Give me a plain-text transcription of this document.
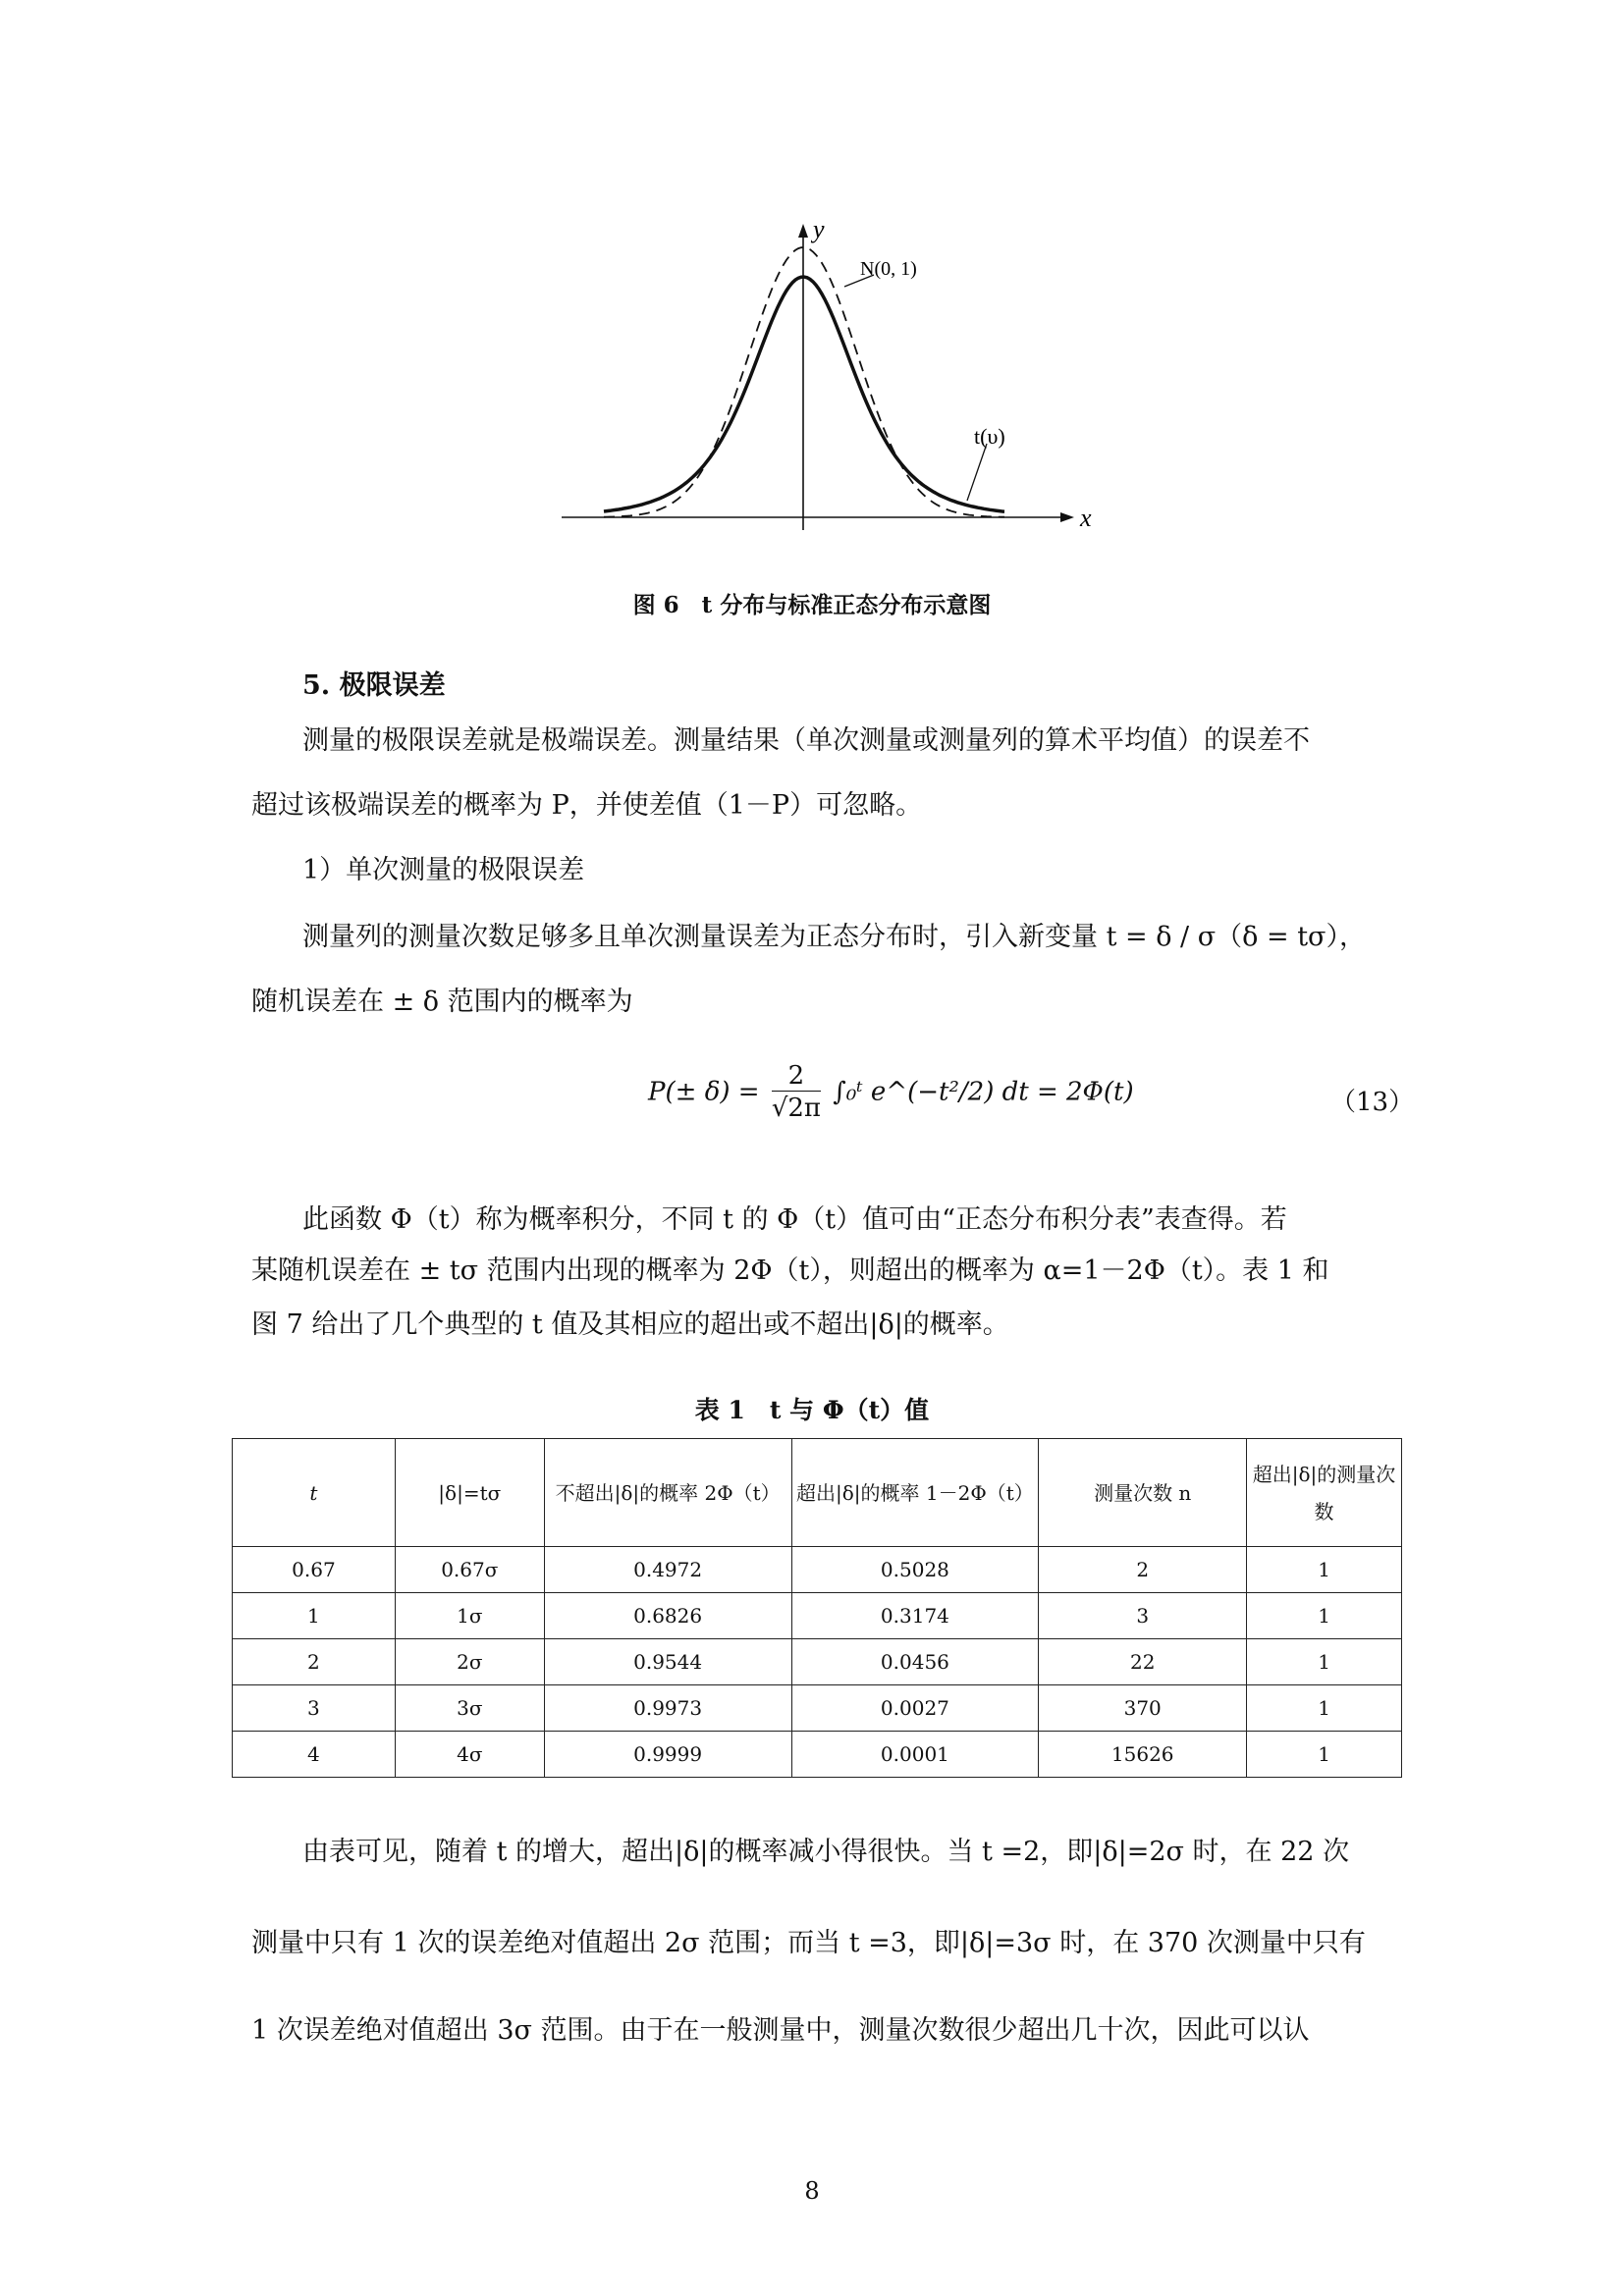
y
x
N(0, 1)
t(υ)
图 6　t 分布与标准正态分布示意图
5. 极限误差
测量的极限误差就是极端误差。测量结果（单次测量或测量列的算术平均值）的误差不
超过该极端误差的概率为 P，并使差值（1－P）可忽略。
1）单次测量的极限误差
测量列的测量次数足够多且单次测量误差为正态分布时，引入新变量 t = δ / σ（δ = tσ），
随机误差在 ± δ 范围内的概率为
$P(\pm \delta) = \frac{2}{√2\pi}$ ∫₀ᵗ e^(−t²/2) dt = 2Φ(t)	（13）
此函数 Φ（t）称为概率积分，不同 t 的 Φ（t）值可由“正态分布积分表”表查得。若
某随机误差在 ± tσ 范围内出现的概率为 2Φ（t），则超出的概率为 α=1－2Φ（t）。表 1 和
图 7 给出了几个典型的 t 值及其相应的超出或不超出|δ|的概率。
表 1　t 与 Φ（t）值
t	|δ|=tσ	不超出|δ|的概率 2Φ（t）	超出|δ|的概率 1－2Φ（t）	测量次数 n	超出|δ|的测量次数
0.67	0.67σ	0.4972	0.5028	2	1
1	1σ	0.6826	0.3174	3	1
2	2σ	0.9544	0.0456	22	1
3	3σ	0.9973	0.0027	370	1
4	4σ	0.9999	0.0001	15626	1
由表可见，随着 t 的增大，超出|δ|的概率减小得很快。当 t =2，即|δ|=2σ 时，在 22 次
测量中只有 1 次的误差绝对值超出 2σ 范围；而当 t =3，即|δ|=3σ 时，在 370 次测量中只有
1 次误差绝对值超出 3σ 范围。由于在一般测量中，测量次数很少超出几十次，因此可以认
8
